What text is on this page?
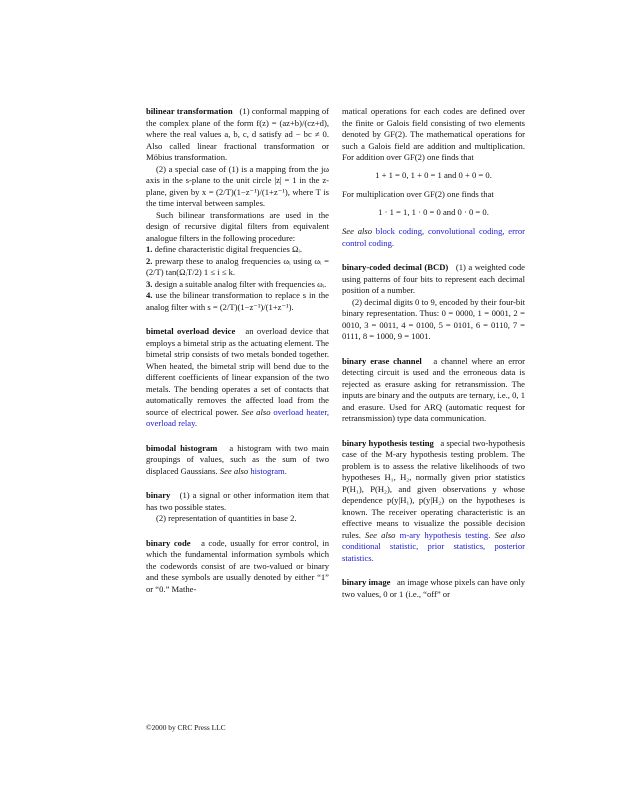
bilinear transformation (1) conformal mapping of the complex plane of the form f(z) = (az+b)/(cz+d), where the real values a, b, c, d satisfy ad − bc ≠ 0. Also called linear fractional transformation or Möbius transformation.

(2) a special case of (1) is a mapping from the jω axis in the s-plane to the unit circle |z| = 1 in the z-plane, given by x = (2/T)(1−z⁻¹)/(1+z⁻¹), where T is the time interval between samples.

Such bilinear transformations are used in the design of recursive digital filters from equivalent analogue filters in the following procedure:

1. define characteristic digital frequencies Ωᵢ.

2. prewarp these to analog frequencies ωᵢ using ωᵢ = (2/T) tan(ΩᵢT/2) 1 ≤ i ≤ k.

3. design a suitable analog filter with frequencies ωᵢ.

4. use the bilinear transformation to replace s in the analog filter with s = (2/T)(1−z⁻¹)/(1+z⁻¹).

bimetal overload device an overload device that employs a bimetal strip as the actuating element. The bimetal strip consists of two metals bonded together. When heated, the bimetal strip will bend due to the different coefficients of linear expansion of the two metals. The bending operates a set of contacts that automatically removes the affected load from the source of electrical power. See also overload heater, overload relay.

bimodal histogram a histogram with two main groupings of values, such as the sum of two displaced Gaussians. See also histogram.

binary (1) a signal or other information item that has two possible states.

(2) representation of quantities in base 2.

binary code a code, usually for error control, in which the fundamental information symbols which the codewords consist of are two-valued or binary and these symbols are usually denoted by either “1” or “0.” Mathe-

matical operations for each codes are defined over the finite or Galois field consisting of two elements denoted by GF(2). The mathematical operations for such a Galois field are addition and multiplication. For addition over GF(2) one finds that

1 + 1 = 0, 1 + 0 = 1 and 0 + 0 = 0.

For multiplication over GF(2) one finds that

1 · 1 = 1, 1 · 0 = 0 and 0 · 0 = 0.

See also block coding, convolutional coding, error control coding.

binary-coded decimal (BCD) (1) a weighted code using patterns of four bits to represent each decimal position of a number.

(2) decimal digits 0 to 9, encoded by their four-bit binary representation. Thus: 0 = 0000, 1 = 0001, 2 = 0010, 3 = 0011, 4 = 0100, 5 = 0101, 6 = 0110, 7 = 0111, 8 = 1000, 9 = 1001.

binary erase channel a channel where an error detecting circuit is used and the erroneous data is rejected as erasure asking for retransmission. The inputs are binary and the outputs are ternary, i.e., 0, 1 and erasure. Used for ARQ (automatic request for retransmission) type data communication.

binary hypothesis testing a special two-hypothesis case of the M-ary hypothesis testing problem. The problem is to assess the relative likelihoods of two hypotheses H₁, H₂, normally given prior statistics P(H₁), P(H₂), and given observations y whose dependence p(y|H₁), p(y|H₂) on the hypotheses is known. The receiver operating characteristic is an effective means to visualize the possible decision rules. See also m-ary hypothesis testing. See also conditional statistic, prior statistics, posterior statistics.

binary image an image whose pixels can have only two values, 0 or 1 (i.e., “off” or

©2000 by CRC Press LLC
